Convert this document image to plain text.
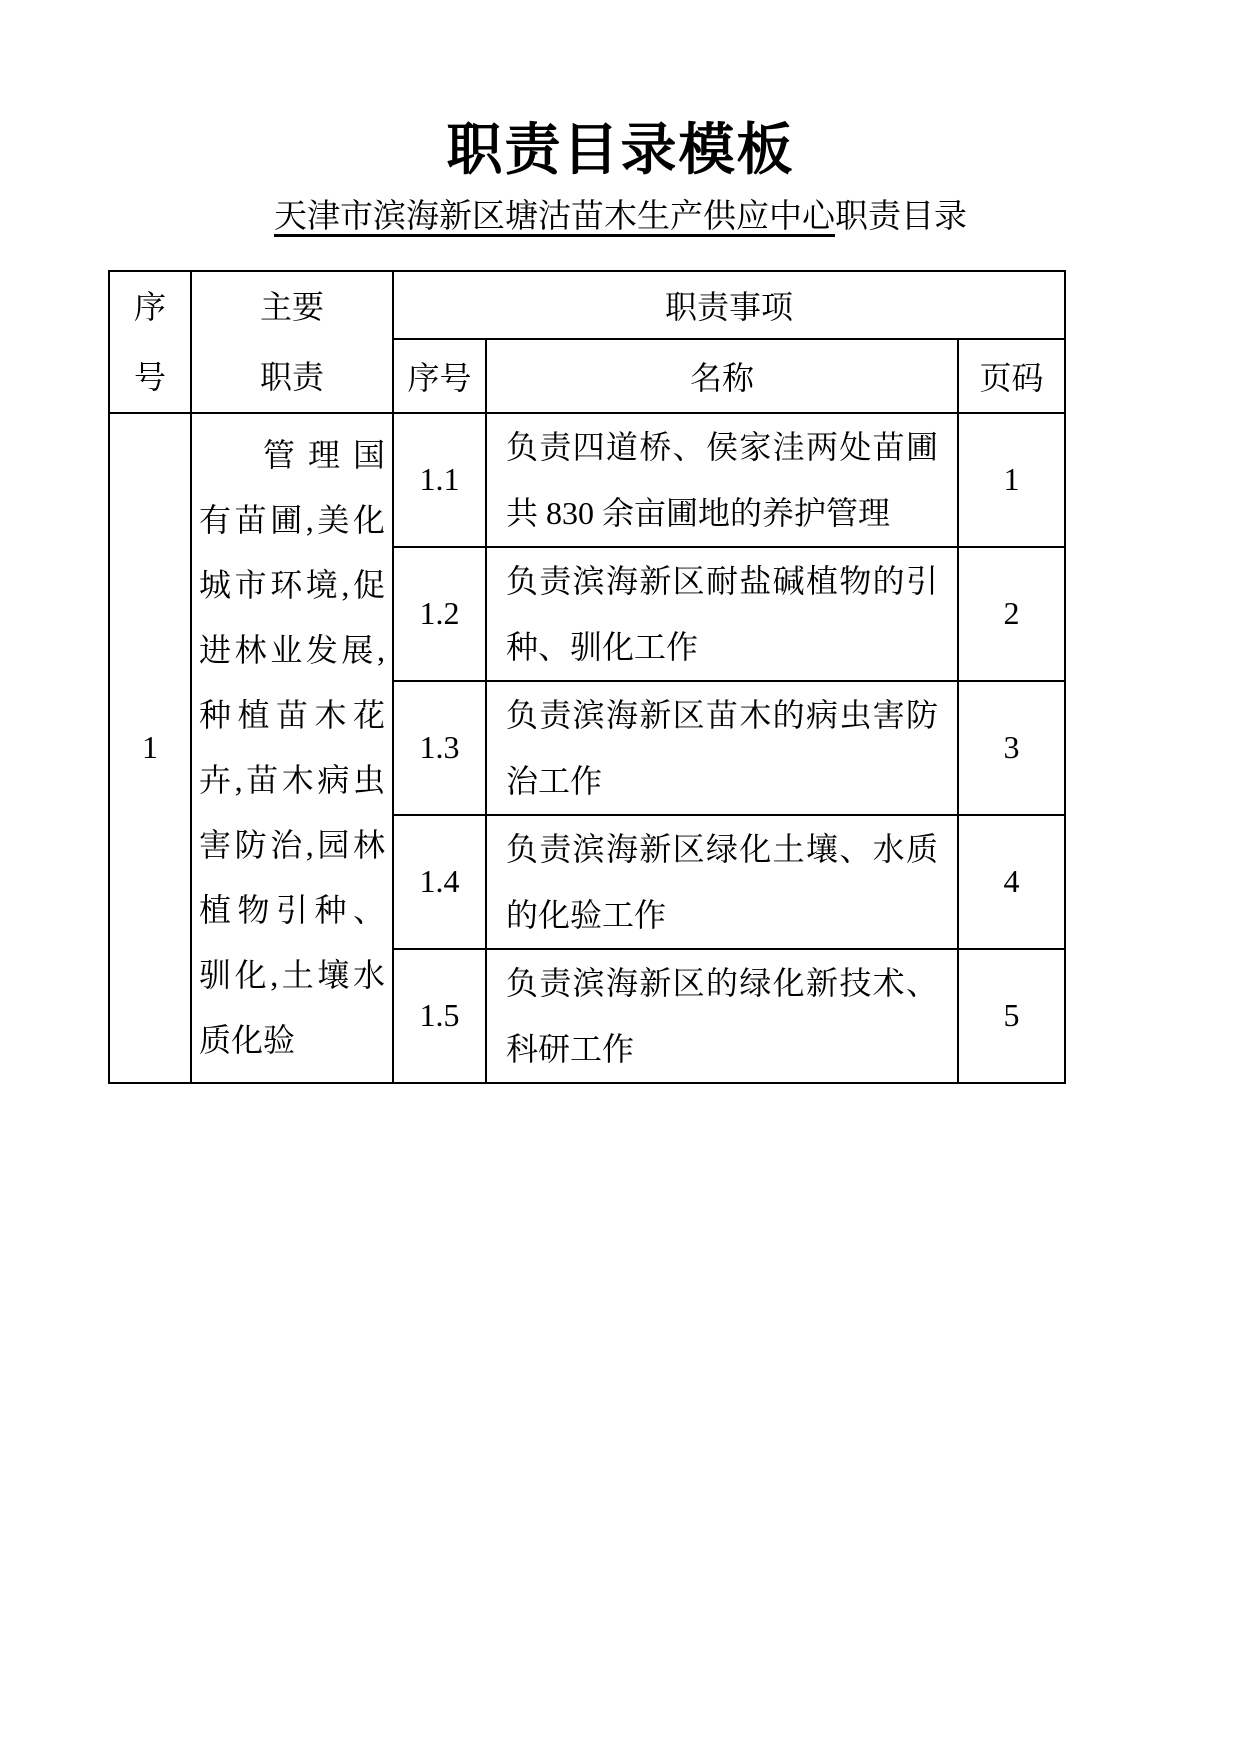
职责目录模板
天津市滨海新区塘沽苗木生产供应中心职责目录
序号	主要职责	职责事项		
		序号	名称	页码
1	管理国有苗圃,美化城市环境,促进林业发展,种植苗木花卉,苗木病虫害防治,园林植物引种、驯化,土壤水质化验	1.1	负责四道桥、侯家洼两处苗圃共 830 余亩圃地的养护管理	1
		1.2	负责滨海新区耐盐碱植物的引种、驯化工作	2
		1.3	负责滨海新区苗木的病虫害防治工作	3
		1.4	负责滨海新区绿化土壤、水质的化验工作	4
		1.5	负责滨海新区的绿化新技术、科研工作	5
